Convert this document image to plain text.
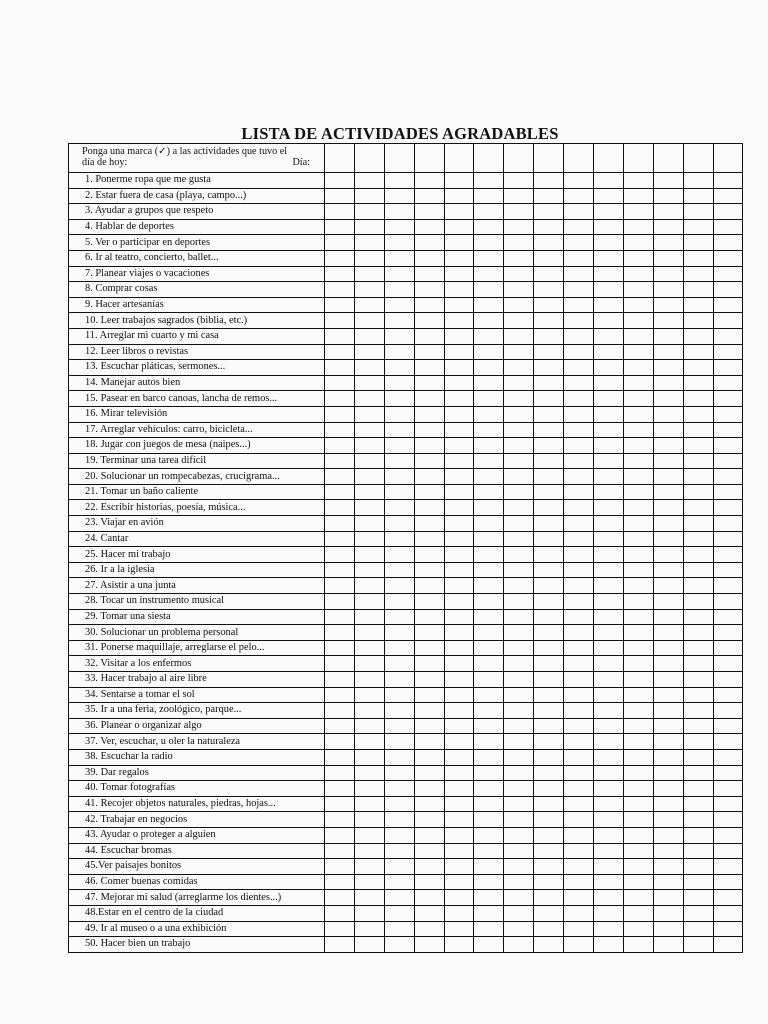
LISTA DE ACTIVIDADES AGRADABLES
Ponga una marca (✓) a las actividades que tuvo el
día de hoy: Día:														

1. Ponerme ropa que me gusta														
2. Estar fuera de casa (playa, campo...)														
3. Ayudar a grupos que respeto														
4. Hablar de deportes														
5. Ver o participar en deportes														
6. Ir al teatro, concierto, ballet...														
7. Planear viajes o vacaciones														
8. Comprar cosas														
9. Hacer artesanías														
10. Leer trabajos sagrados (biblia, etc.)														
11. Arreglar mi cuarto y mi casa														
12. Leer libros o revistas														
13. Escuchar pláticas, sermones...														
14. Manejar autos bien														
15. Pasear en barco canoas, lancha de remos...														
16. Mirar televisión														
17. Arreglar vehículos: carro, bicicleta...														
18. Jugar con juegos de mesa (naipes...)														
19. Terminar una tarea difícil														
20. Solucionar un rompecabezas, crucigrama...														
21. Tomar un baño caliente														
22. Escribir historias, poesía, música...														
23. Viajar en avión														
24. Cantar														
25. Hacer mi trabajo														
26. Ir a la iglesia														
27. Asistir a una junta														
28. Tocar un instrumento musical														
29. Tomar una siesta														
30. Solucionar un problema personal														
31. Ponerse maquillaje, arreglarse el pelo...														
32. Visitar a los enfermos														
33. Hacer trabajo al aire libre														
34. Sentarse a tomar el sol														
35. Ir a una feria, zoológico, parque...														
36. Planear o organizar algo														
37. Ver, escuchar, u oler la naturaleza														
38. Escuchar la radio														
39. Dar regalos														
40. Tomar fotografías														
41. Recojer objetos naturales, piedras, hojas...														
42. Trabajar en negocios														
43. Ayudar o proteger a alguien														
44. Escuchar bromas														
45.Ver paisajes bonitos														
46. Comer buenas comidas														
47. Mejorar mi salud (arreglarme los dientes...)														
48.Estar en el centro de la ciudad														
49. Ir al museo o a una exhibición														
50. Hacer bien un trabajo														
